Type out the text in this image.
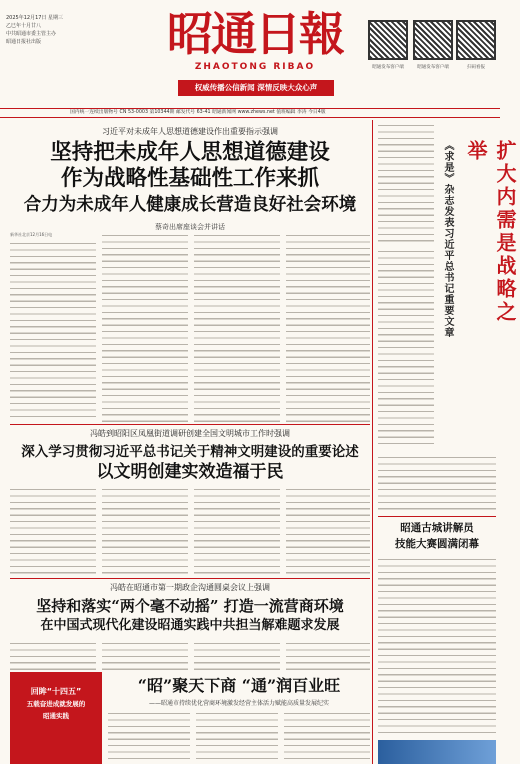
2025年12月17日 星期三
乙巳年十月廿八
中共昭通市委主管主办
昭通日报社出版	昭通日報
ZHAOTONG RIBAO
权威传播公信新闻 深情反映大众心声
昭通发布客户端	昭通发布客户端	扫码看报
国内统一连续出版物号 CN 53-0003 第10344期 邮发代号 63-41 昭通新闻网 www.zhews.net 值班编辑 李涛 今日4版
习近平对未成年人思想道德建设作出重要指示强调
坚持把未成年人思想道德建设
作为战略性基础性工作来抓
合力为未成年人健康成长营造良好社会环境
蔡奇出席座谈会并讲话
新华社北京12月16日电
冯皓到昭阳区凤凰街道调研创建全国文明城市工作时强调
深入学习贯彻习近平总书记关于精神文明建设的重要论述
以文明创建实效造福于民
冯皓在昭通市第一期政企沟通圆桌会议上强调
坚持和落实“两个毫不动摇” 打造一流营商环境
在中国式现代化建设昭通实践中共担当解难题求发展
回眸“十四五”
五载奋进成就发展的
昭通实践
“昭”聚天下商 “通”润百业旺
——昭通市持续优化营商环境激发经营主体活力赋能高质量发展纪实
扩大内需是战略之举
《求是》杂志发表习近平总书记重要文章
昭通古城讲解员
技能大赛圆满闭幕
